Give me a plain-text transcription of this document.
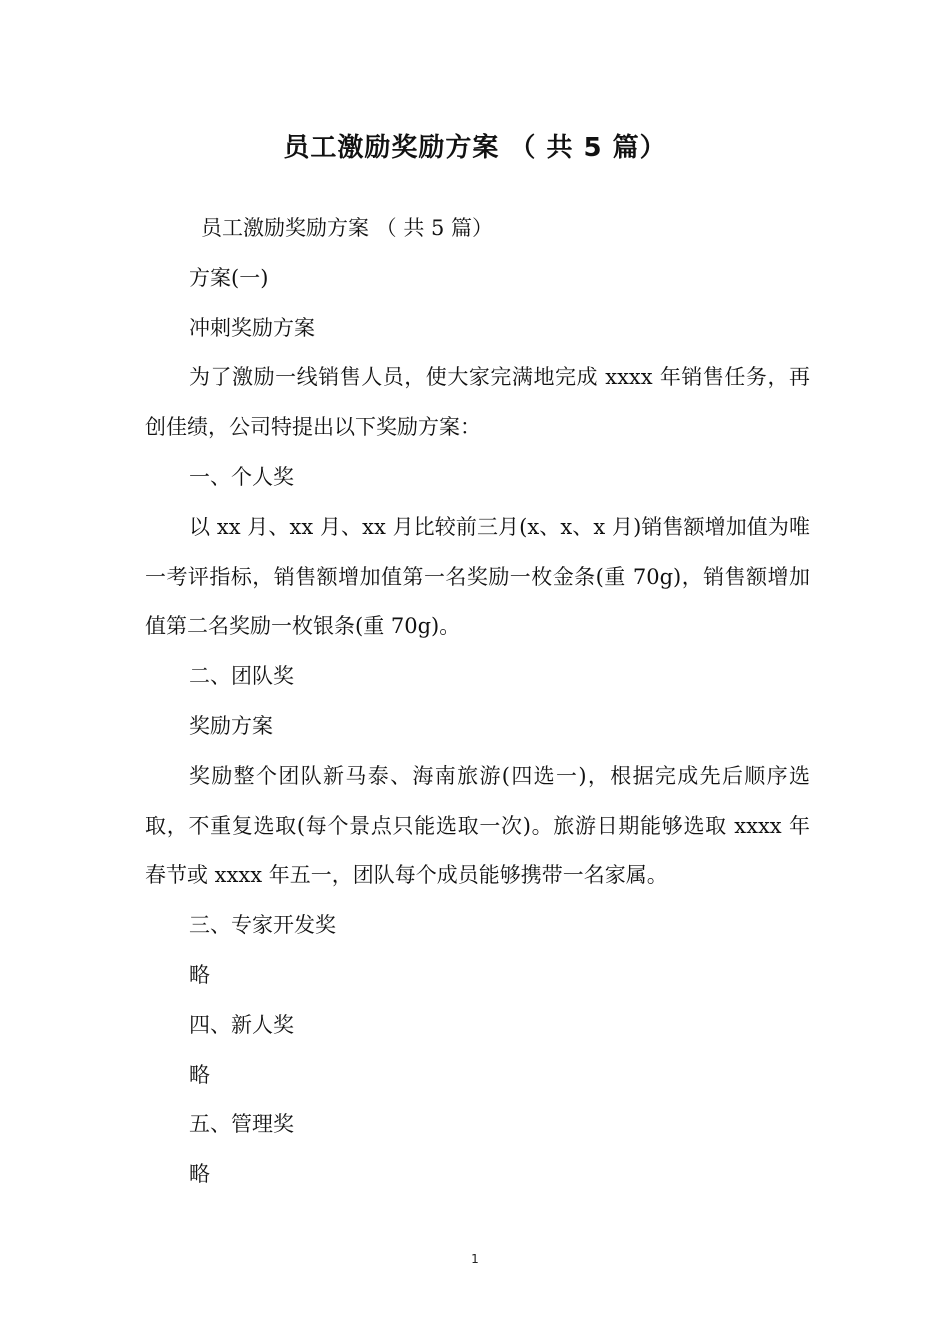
员工激励奖励方案 （ 共 5 篇）

员工激励奖励方案 （ 共 5 篇）

方案(一)

冲刺奖励方案

为了激励一线销售人员，使大家完满地完成 xxxx 年销售任务，再创佳绩，公司特提出以下奖励方案：

一、个人奖

以 xx 月、xx 月、xx 月比较前三月(x、x、x 月)销售额增加值为唯一考评指标，销售额增加值第一名奖励一枚金条(重 70g)，销售额增加值第二名奖励一枚银条(重 70g)。

二、团队奖

奖励方案

奖励整个团队新马泰、海南旅游(四选一)，根据完成先后顺序选取，不重复选取(每个景点只能选取一次)。旅游日期能够选取 xxxx 年春节或 xxxx 年五一，团队每个成员能够携带一名家属。

三、专家开发奖

略

四、新人奖

略

五、管理奖

略

1
